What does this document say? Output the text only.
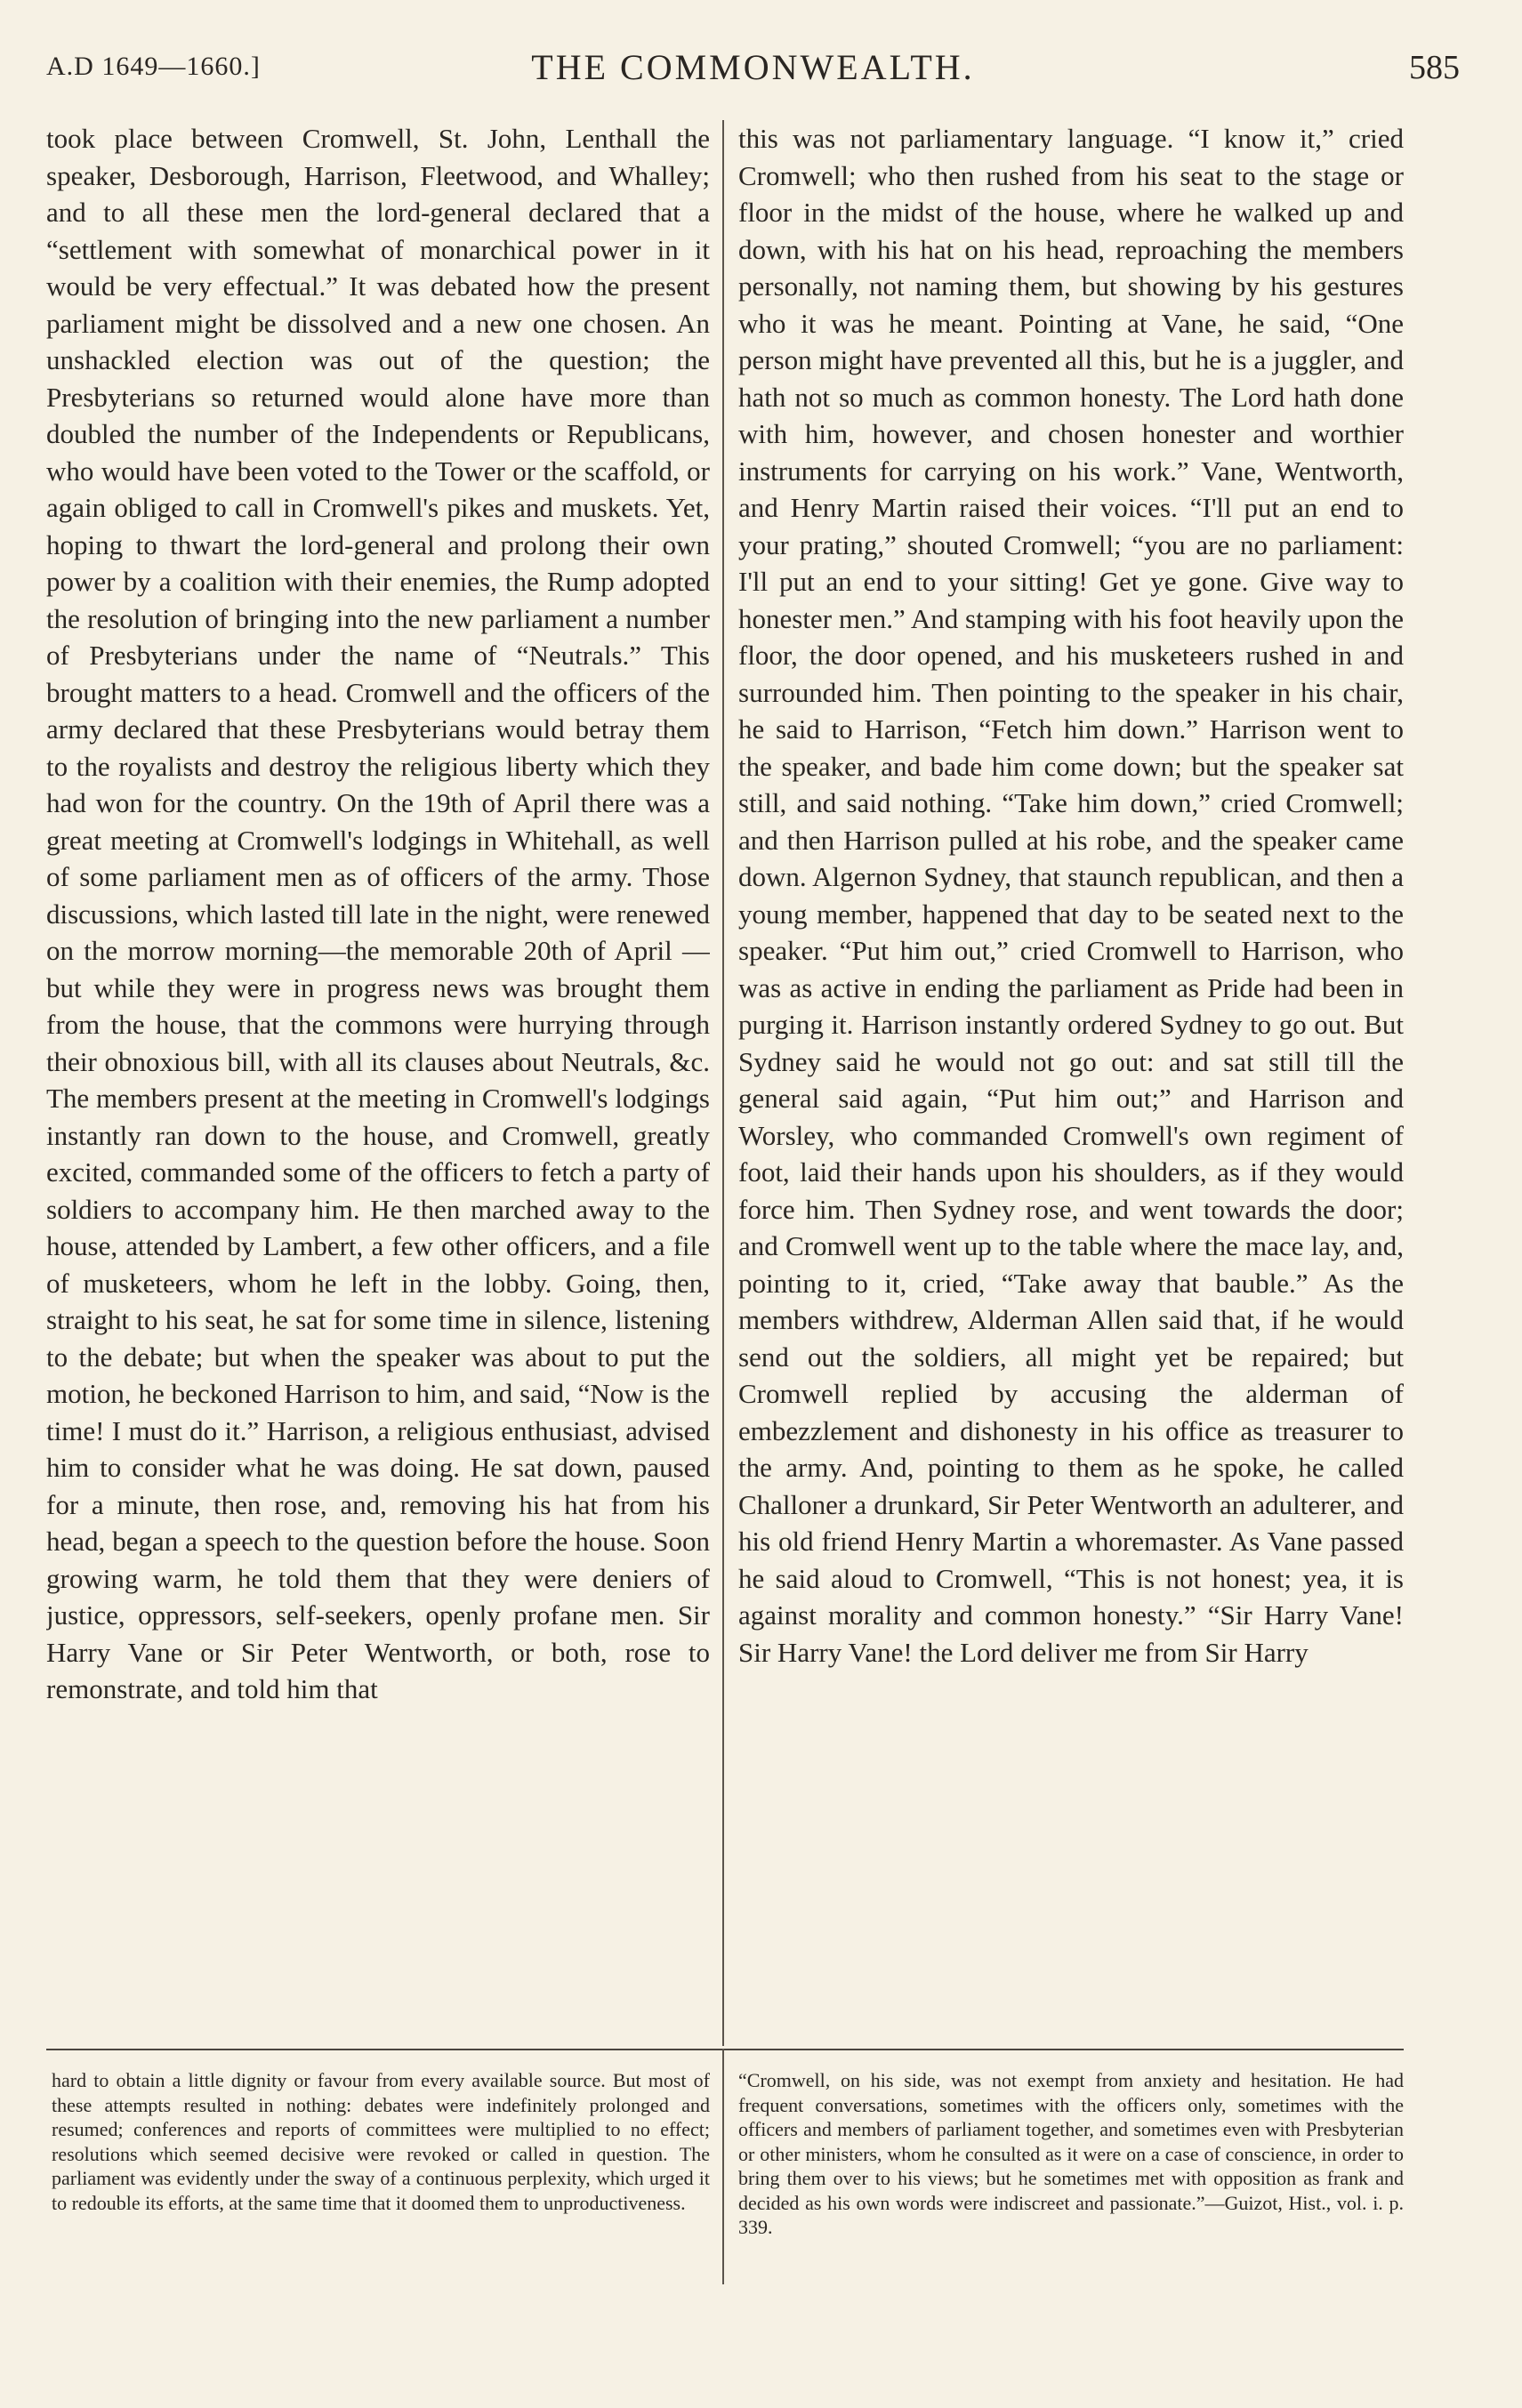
A.D 1649—1660.]	THE COMMONWEALTH.	585

took place between Cromwell, St. John, Lenthall the speaker, Desborough, Harrison, Fleetwood, and Whalley; and to all these men the lord-general declared that a “settlement with somewhat of monarchical power in it would be very effectual.” It was debated how the present parliament might be dissolved and a new one chosen. An unshackled election was out of the question; the Presbyterians so returned would alone have more than doubled the number of the Independents or Republicans, who would have been voted to the Tower or the scaffold, or again obliged to call in Cromwell's pikes and muskets. Yet, hoping to thwart the lord-general and prolong their own power by a coalition with their enemies, the Rump adopted the resolution of bringing into the new parliament a number of Presbyterians under the name of “Neutrals.” This brought matters to a head. Cromwell and the officers of the army declared that these Presbyterians would betray them to the royalists and destroy the religious liberty which they had won for the country. On the 19th of April there was a great meeting at Cromwell's lodgings in Whitehall, as well of some parliament men as of officers of the army. Those discussions, which lasted till late in the night, were renewed on the morrow morning—the memorable 20th of April —but while they were in progress news was brought them from the house, that the commons were hurrying through their obnoxious bill, with all its clauses about Neutrals, &c. The members present at the meeting in Cromwell's lodgings instantly ran down to the house, and Cromwell, greatly excited, commanded some of the officers to fetch a party of soldiers to accompany him. He then marched away to the house, attended by Lambert, a few other officers, and a file of musketeers, whom he left in the lobby. Going, then, straight to his seat, he sat for some time in silence, listening to the debate; but when the speaker was about to put the motion, he beckoned Harrison to him, and said, “Now is the time! I must do it.” Harrison, a religious enthusiast, advised him to consider what he was doing. He sat down, paused for a minute, then rose, and, removing his hat from his head, began a speech to the question before the house. Soon growing warm, he told them that they were deniers of justice, oppressors, self-seekers, openly profane men. Sir Harry Vane or Sir Peter Wentworth, or both, rose to remonstrate, and told him that

this was not parliamentary language. “I know it,” cried Cromwell; who then rushed from his seat to the stage or floor in the midst of the house, where he walked up and down, with his hat on his head, reproaching the members personally, not naming them, but showing by his gestures who it was he meant. Pointing at Vane, he said, “One person might have prevented all this, but he is a juggler, and hath not so much as common honesty. The Lord hath done with him, however, and chosen honester and worthier instruments for carrying on his work.” Vane, Wentworth, and Henry Martin raised their voices. “I'll put an end to your prating,” shouted Cromwell; “you are no parliament: I'll put an end to your sitting! Get ye gone. Give way to honester men.” And stamping with his foot heavily upon the floor, the door opened, and his musketeers rushed in and surrounded him. Then pointing to the speaker in his chair, he said to Harrison, “Fetch him down.” Harrison went to the speaker, and bade him come down; but the speaker sat still, and said nothing. “Take him down,” cried Cromwell; and then Harrison pulled at his robe, and the speaker came down. Algernon Sydney, that staunch republican, and then a young member, happened that day to be seated next to the speaker. “Put him out,” cried Cromwell to Harrison, who was as active in ending the parliament as Pride had been in purging it. Harrison instantly ordered Sydney to go out. But Sydney said he would not go out: and sat still till the general said again, “Put him out;” and Harrison and Worsley, who commanded Cromwell's own regiment of foot, laid their hands upon his shoulders, as if they would force him. Then Sydney rose, and went towards the door; and Cromwell went up to the table where the mace lay, and, pointing to it, cried, “Take away that bauble.” As the members withdrew, Alderman Allen said that, if he would send out the soldiers, all might yet be repaired; but Cromwell replied by accusing the alderman of embezzlement and dishonesty in his office as treasurer to the army. And, pointing to them as he spoke, he called Challoner a drunkard, Sir Peter Wentworth an adulterer, and his old friend Henry Martin a whoremaster. As Vane passed he said aloud to Cromwell, “This is not honest; yea, it is against morality and common honesty.” “Sir Harry Vane! Sir Harry Vane! the Lord deliver me from Sir Harry

hard to obtain a little dignity or favour from every available source. But most of these attempts resulted in nothing: debates were indefinitely prolonged and resumed; conferences and reports of committees were multiplied to no effect; resolutions which seemed decisive were revoked or called in question. The parliament was evidently under the sway of a continuous perplexity, which urged it to redouble its efforts, at the same time that it doomed them to unproductiveness.

“Cromwell, on his side, was not exempt from anxiety and hesitation. He had frequent conversations, sometimes with the officers only, sometimes with the officers and members of parliament together, and sometimes even with Presbyterian or other ministers, whom he consulted as it were on a case of conscience, in order to bring them over to his views; but he sometimes met with opposition as frank and decided as his own words were indiscreet and passionate.”—Guizot, Hist., vol. i. p. 339.
